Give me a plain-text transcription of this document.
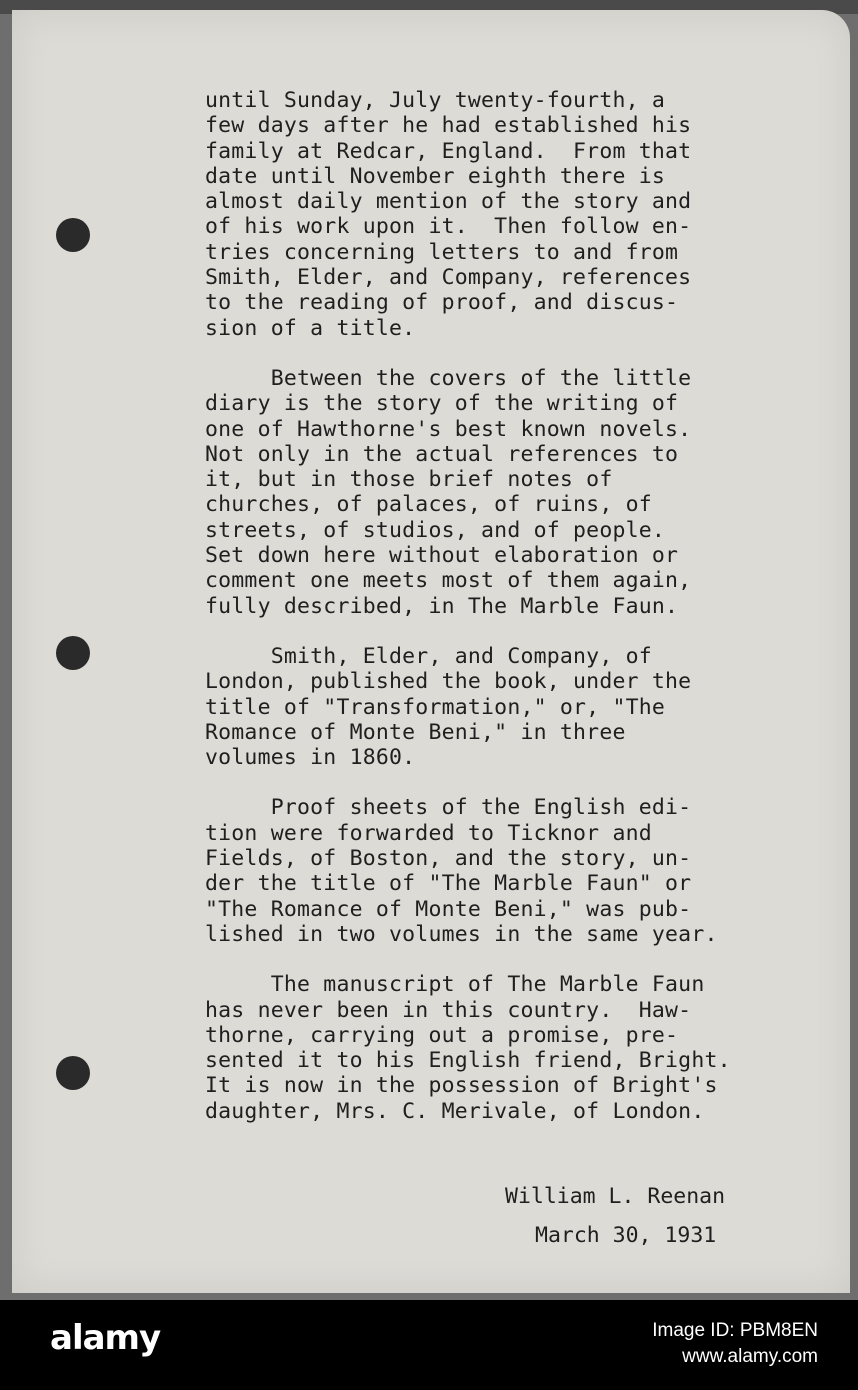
until Sunday, July twenty-fourth, a
few days after he had established his
family at Redcar, England.  From that
date until November eighth there is
almost daily mention of the story and
of his work upon it.  Then follow en-
tries concerning letters to and from
Smith, Elder, and Company, references
to the reading of proof, and discus-
sion of a title.

Between the covers of the little
diary is the story of the writing of
one of Hawthorne's best known novels.
Not only in the actual references to
it, but in those brief notes of
churches, of palaces, of ruins, of
streets, of studios, and of people.
Set down here without elaboration or
comment one meets most of them again,
fully described, in The Marble Faun.

Smith, Elder, and Company, of
London, published the book, under the
title of "Transformation," or, "The
Romance of Monte Beni," in three
volumes in 1860.

Proof sheets of the English edi-
tion were forwarded to Ticknor and
Fields, of Boston, and the story, un-
der the title of "The Marble Faun" or
"The Romance of Monte Beni," was pub-
lished in two volumes in the same year.

The manuscript of The Marble Faun
has never been in this country.  Haw-
thorne, carrying out a promise, pre-
sented it to his English friend, Bright.
It is now in the possession of Bright's
daughter, Mrs. C. Merivale, of London.

William L. Reenan
March 30, 1931
alamy	Image ID: PBM8EN
www.alamy.com
